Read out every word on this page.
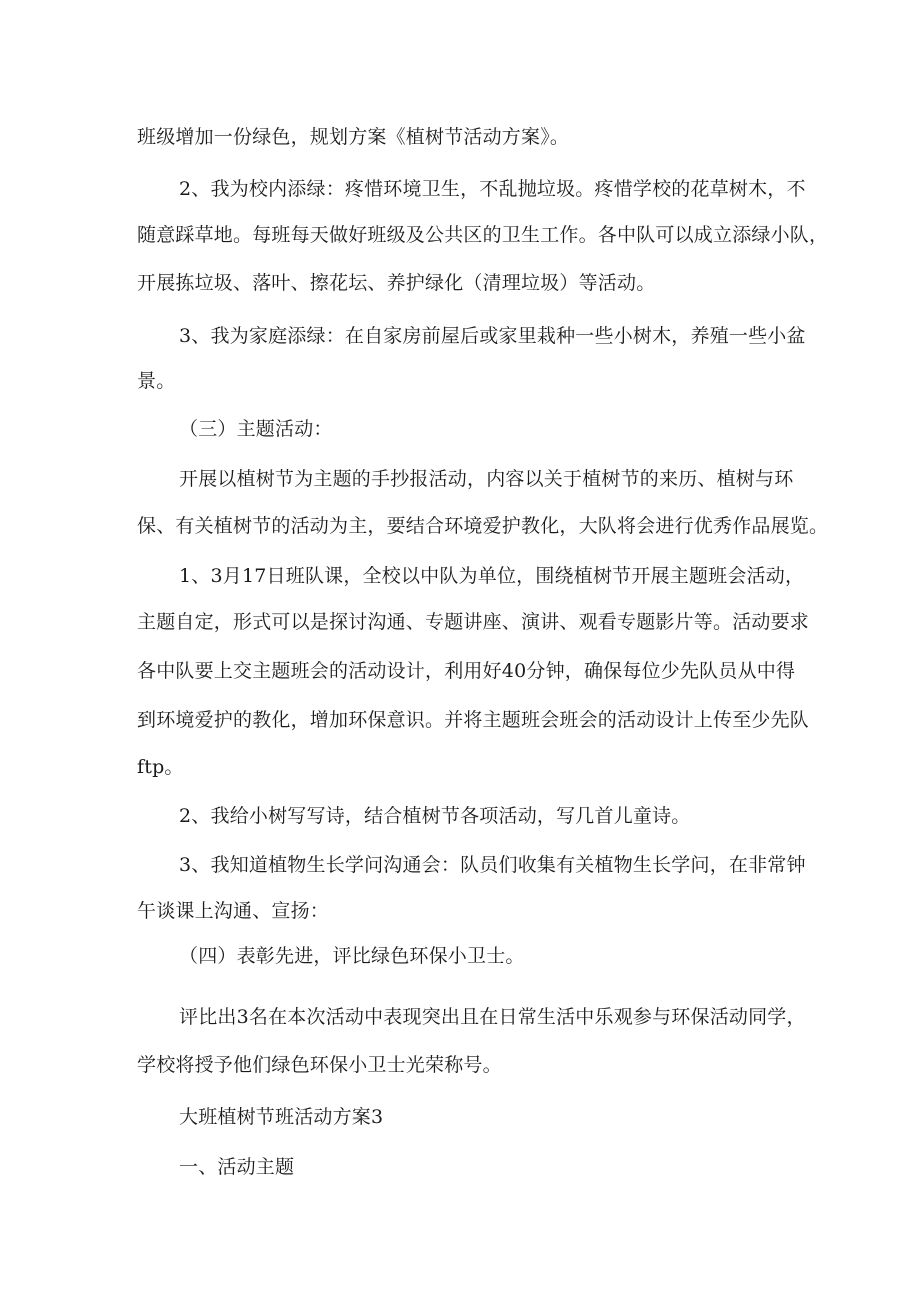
班级增加一份绿色，规划方案《植树节活动方案》。

2、我为校内添绿：疼惜环境卫生，不乱抛垃圾。疼惜学校的花草树木，不

随意踩草地。每班每天做好班级及公共区的卫生工作。各中队可以成立添绿小队，

开展拣垃圾、落叶、擦花坛、养护绿化（清理垃圾）等活动。

3、我为家庭添绿：在自家房前屋后或家里栽种一些小树木，养殖一些小盆

景。

（三）主题活动：

开展以植树节为主题的手抄报活动，内容以关于植树节的来历、植树与环

保、有关植树节的活动为主，要结合环境爱护教化，大队将会进行优秀作品展览。

1、3月17日班队课，全校以中队为单位，围绕植树节开展主题班会活动，

主题自定，形式可以是探讨沟通、专题讲座、演讲、观看专题影片等。活动要求

各中队要上交主题班会的活动设计，利用好40分钟，确保每位少先队员从中得

到环境爱护的教化，增加环保意识。并将主题班会班会的活动设计上传至少先队

ftp。

2、我给小树写写诗，结合植树节各项活动，写几首儿童诗。

3、我知道植物生长学问沟通会：队员们收集有关植物生长学问，在非常钟

午谈课上沟通、宣扬：

（四）表彰先进，评比绿色环保小卫士。

评比出3名在本次活动中表现突出且在日常生活中乐观参与环保活动同学，

学校将授予他们绿色环保小卫士光荣称号。

大班植树节班活动方案3

一、活动主题
